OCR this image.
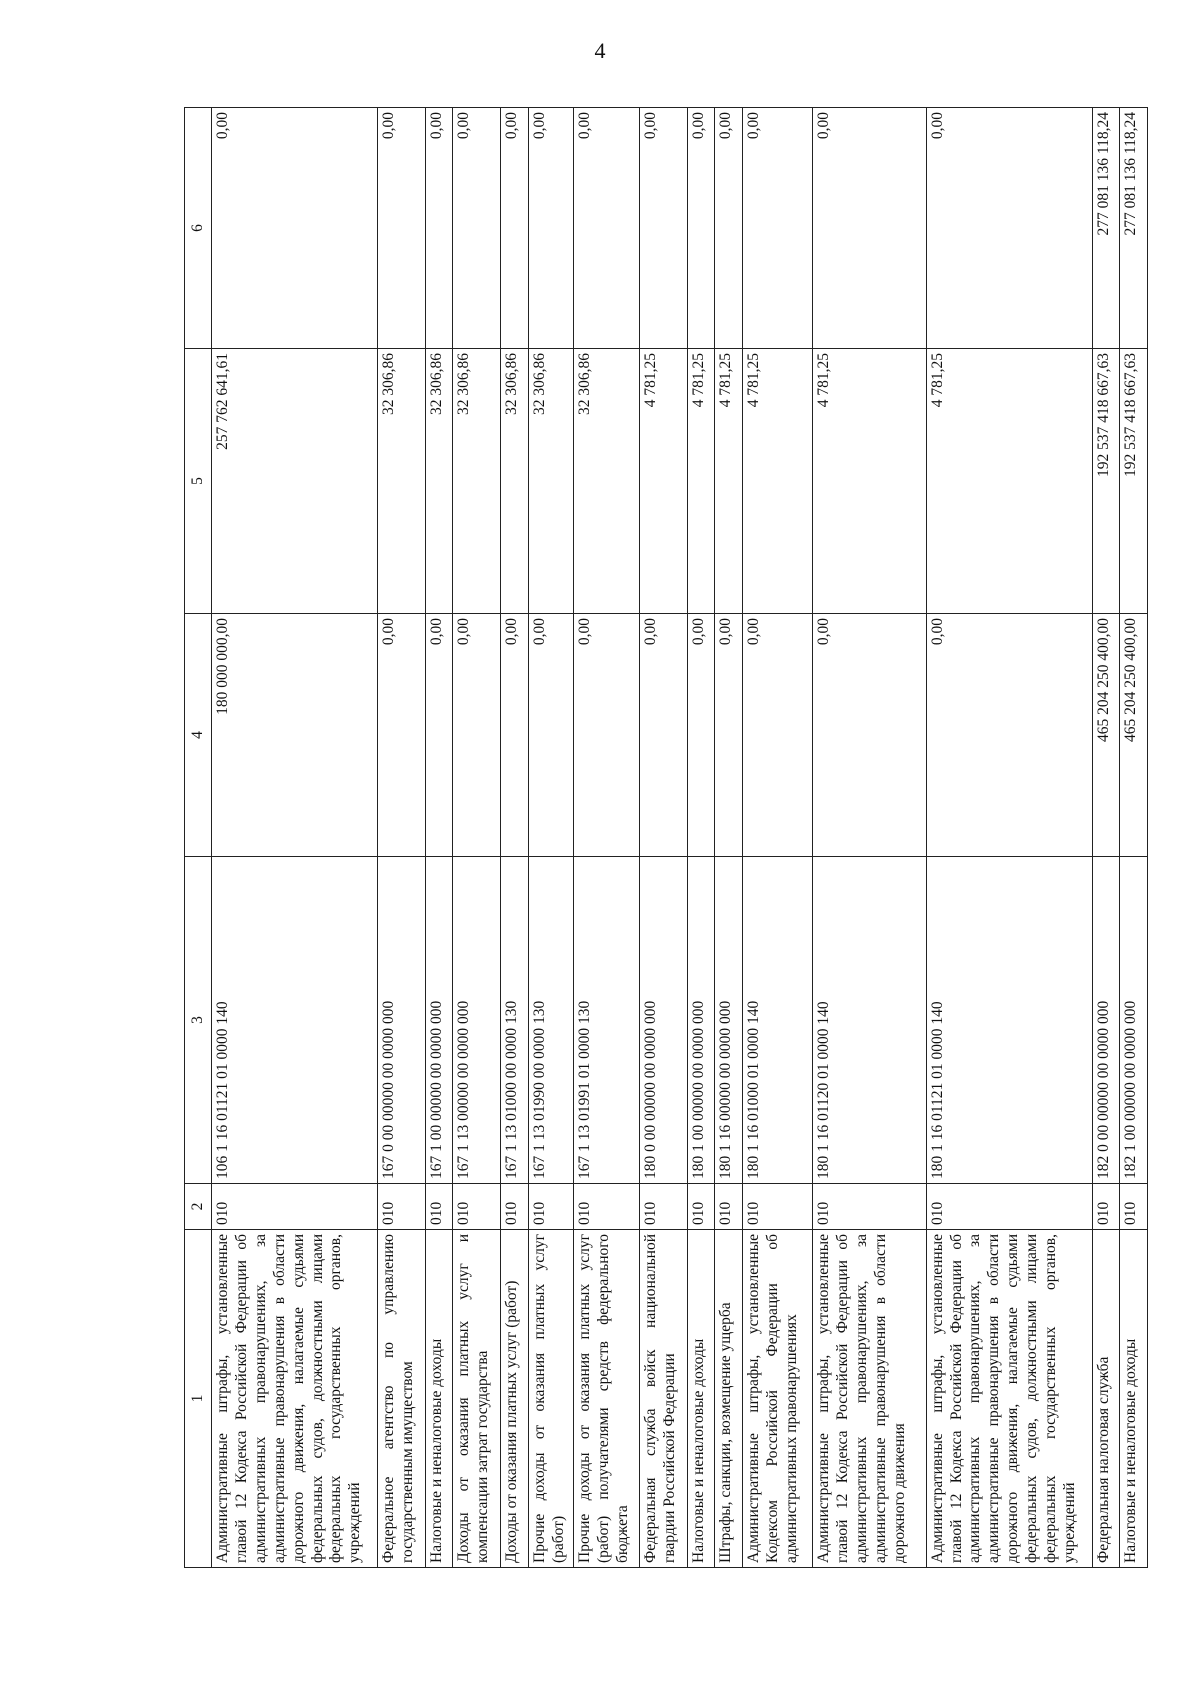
4
1	2	3	4	5	6
Административные штрафы, установленные главой 12 Кодекса Российской Федерации об административных правонарушениях, за административные правонарушения в области дорожного движения, налагаемые судьями федеральных судов, должностными лицами федеральных государственных органов, учреждений	010	106 1 16 01121 01 0000 140	180 000 000,00	257 762 641,61	0,00
Федеральное агентство по управлению государственным имуществом	010	167 0 00 00000 00 0000 000	0,00	32 306,86	0,00
Налоговые и неналоговые доходы	010	167 1 00 00000 00 0000 000	0,00	32 306,86	0,00
Доходы от оказания платных услуг и компенсации затрат государства	010	167 1 13 00000 00 0000 000	0,00	32 306,86	0,00
Доходы от оказания платных услуг (работ)	010	167 1 13 01000 00 0000 130	0,00	32 306,86	0,00
Прочие доходы от оказания платных услуг (работ)	010	167 1 13 01990 00 0000 130	0,00	32 306,86	0,00
Прочие доходы от оказания платных услуг (работ) получателями средств федерального бюджета	010	167 1 13 01991 01 0000 130	0,00	32 306,86	0,00
Федеральная служба войск национальной гвардии Российской Федерации	010	180 0 00 00000 00 0000 000	0,00	4 781,25	0,00
Налоговые и неналоговые доходы	010	180 1 00 00000 00 0000 000	0,00	4 781,25	0,00
Штрафы, санкции, возмещение ущерба	010	180 1 16 00000 00 0000 000	0,00	4 781,25	0,00
Административные штрафы, установленные Кодексом Российской Федерации об административных правонарушениях	010	180 1 16 01000 01 0000 140	0,00	4 781,25	0,00
Административные штрафы, установленные главой 12 Кодекса Российской Федерации об административных правонарушениях, за административные правонарушения в области дорожного движения	010	180 1 16 01120 01 0000 140	0,00	4 781,25	0,00
Административные штрафы, установленные главой 12 Кодекса Российской Федерации об административных правонарушениях, за административные правонарушения в области дорожного движения, налагаемые судьями федеральных судов, должностными лицами федеральных государственных органов, учреждений	010	180 1 16 01121 01 0000 140	0,00	4 781,25	0,00
Федеральная налоговая служба	010	182 0 00 00000 00 0000 000	465 204 250 400,00	192 537 418 667,63	277 081 136 118,24
Налоговые и неналоговые доходы	010	182 1 00 00000 00 0000 000	465 204 250 400,00	192 537 418 667,63	277 081 136 118,24
